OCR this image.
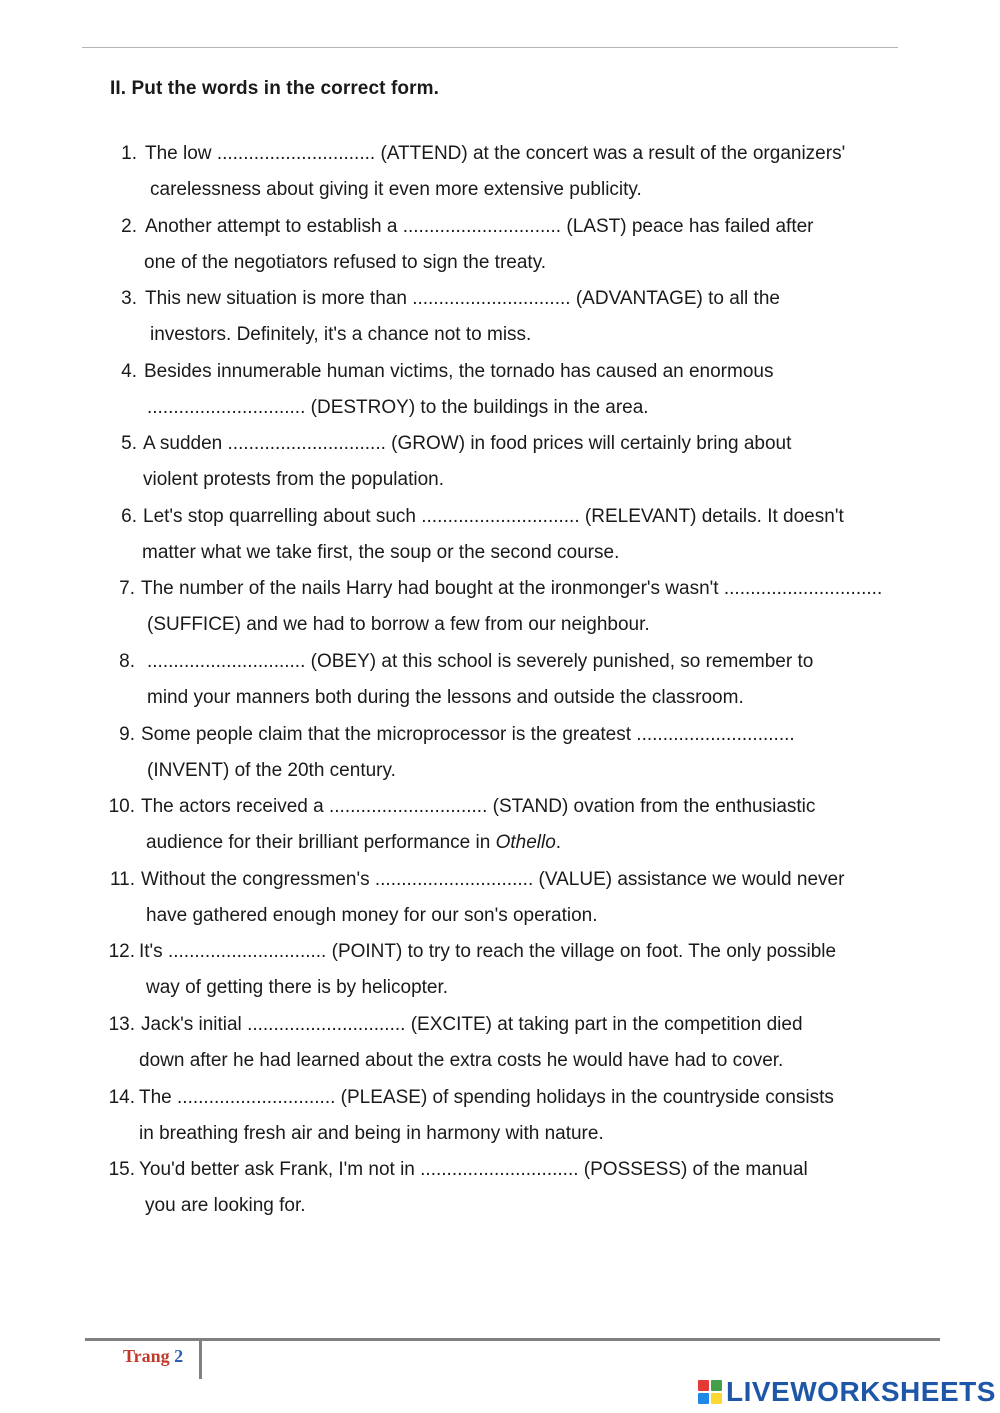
II. Put the words in the correct form.
1. The low .............................. (ATTEND) at the concert was a result of the organizers'
carelessness about giving it even more extensive publicity.
2. Another attempt to establish a .............................. (LAST) peace has failed after
one of the negotiators refused to sign the treaty.
3. This new situation is more than .............................. (ADVANTAGE) to all the
investors. Definitely, it's a chance not to miss.
4. Besides innumerable human victims, the tornado has caused an enormous
.............................. (DESTROY) to the buildings in the area.
5. A sudden .............................. (GROW) in food prices will certainly bring about
violent protests from the population.
6. Let's stop quarrelling about such .............................. (RELEVANT) details. It doesn't
matter what we take first, the soup or the second course.
7. The number of the nails Harry had bought at the ironmonger's wasn't ..............................
(SUFFICE) and we had to borrow a few from our neighbour.
8. .............................. (OBEY) at this school is severely punished, so remember to
mind your manners both during the lessons and outside the classroom.
9. Some people claim that the microprocessor is the greatest ..............................
(INVENT) of the 20th century.
10. The actors received a .............................. (STAND) ovation from the enthusiastic
audience for their brilliant performance in Othello.
11. Without the congressmen's .............................. (VALUE) assistance we would never
have gathered enough money for our son's operation.
12. It's .............................. (POINT) to try to reach the village on foot. The only possible
way of getting there is by helicopter.
13. Jack's initial .............................. (EXCITE) at taking part in the competition died
down after he had learned about the extra costs he would have had to cover.
14. The .............................. (PLEASE) of spending holidays in the countryside consists
in breathing fresh air and being in harmony with nature.
15. You'd better ask Frank, I'm not in .............................. (POSSESS) of the manual
you are looking for.
Trang 2
LIVEWORKSHEETS
